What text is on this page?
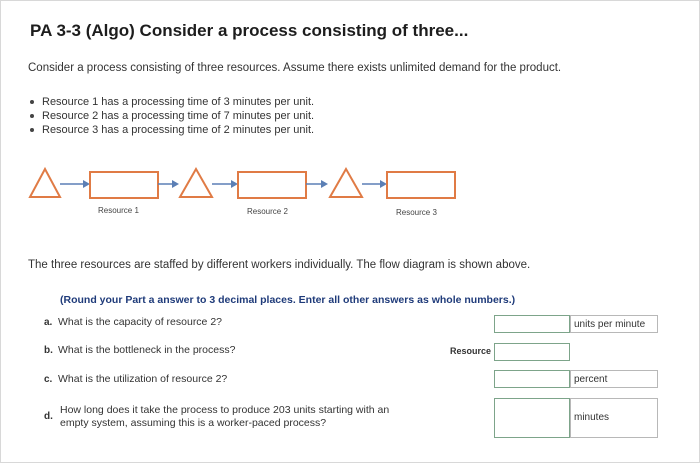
PA 3-3 (Algo) Consider a process consisting of three...
Consider a process consisting of three resources. Assume there exists unlimited demand for the product.
Resource 1 has a processing time of 3 minutes per unit.
Resource 2 has a processing time of 7 minutes per unit.
Resource 3 has a processing time of 2 minutes per unit.
Resource 1	Resource 2	Resource 3
The three resources are staffed by different workers individually. The flow diagram is shown above.
(Round your Part a answer to 3 decimal places. Enter all other answers as whole numbers.)
a. What is the capacity of resource 2?	units per minute
b. What is the bottleneck in the process?	Resource
c. What is the utilization of resource 2?	percent
d.
How long does it take the process to produce 203 units starting with an
empty system, assuming this is a worker-paced process?	minutes
